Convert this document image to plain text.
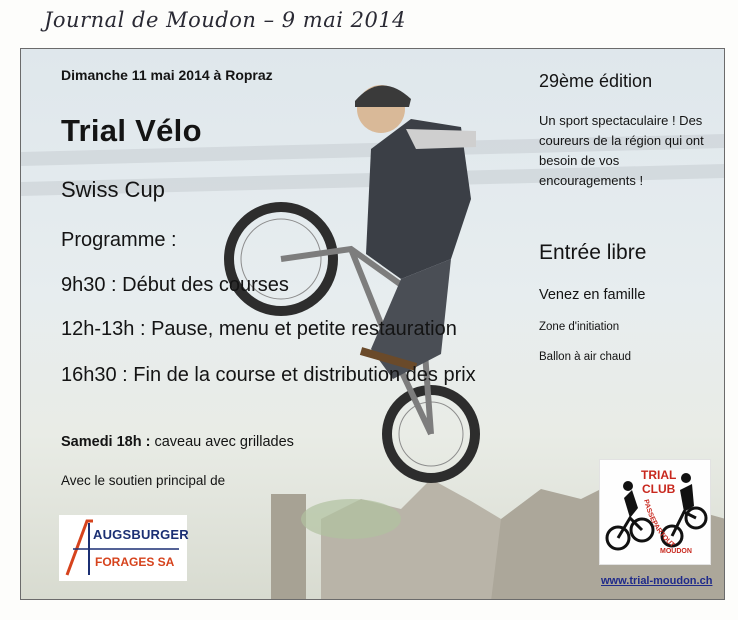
Journal de Moudon – 9 mai 2014
Dimanche 11 mai 2014 à Ropraz
Trial Vélo
Swiss Cup
Programme :
9h30 : Début des courses
12h-13h : Pause, menu et petite restauration
16h30 : Fin de la course et distribution des prix
Samedi 18h : caveau avec grillades
Avec le soutien principal de
AUGSBURGER
FORAGES SA
29ème édition
Un sport spectaculaire ! Des coureurs de la région qui ont besoin de vos encouragements !
Entrée libre
Venez en famille
Zone d'initiation
Ballon à air chaud
TRIAL
CLUB
PASSEPARTOUT
MOUDON
www.trial-moudon.ch
